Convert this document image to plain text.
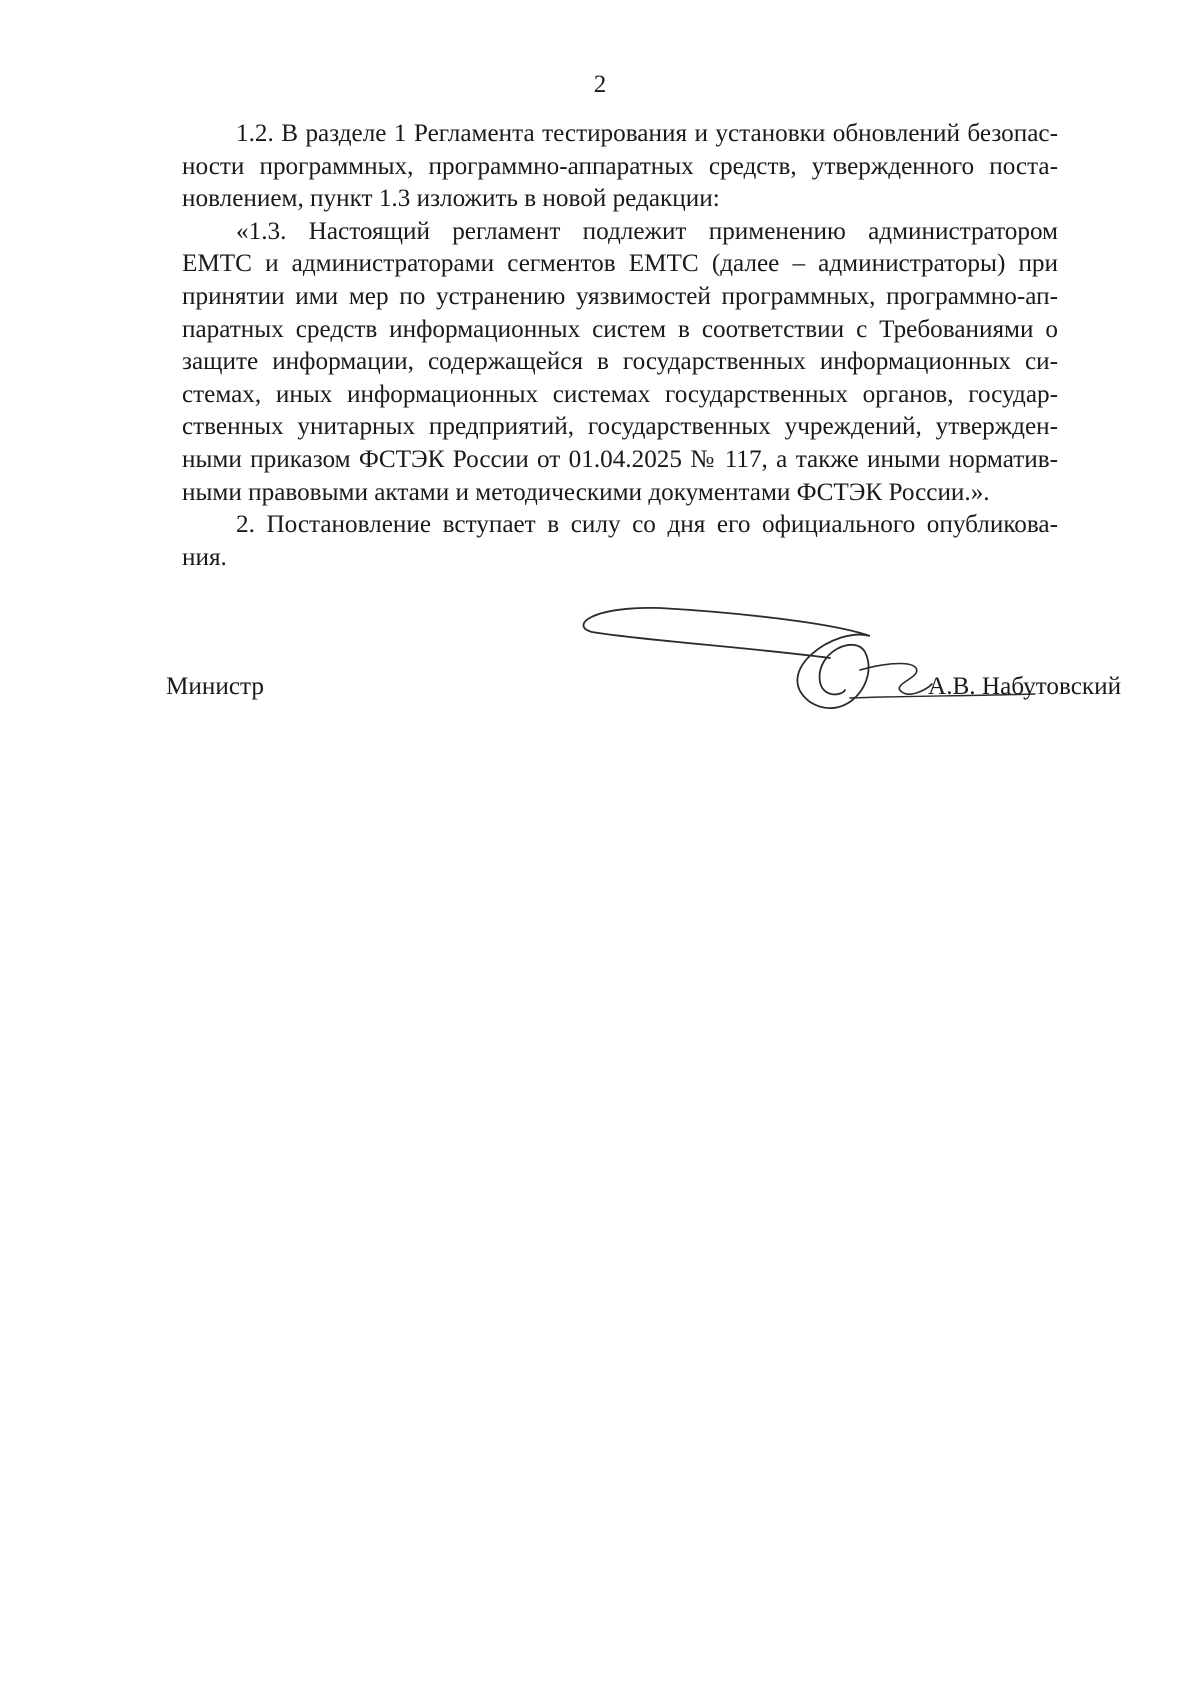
2
1.2. В разделе 1 Регламента тестирования и установки обновлений безопас-
ности программных, программно-аппаратных средств, утвержденного поста-
новлением, пункт 1.3 изложить в новой редакции:
«1.3. Настоящий регламент подлежит применению администратором
ЕМТС и администраторами сегментов ЕМТС (далее – администраторы) при
принятии ими мер по устранению уязвимостей программных, программно-ап-
паратных средств информационных систем в соответствии с Требованиями о
защите информации, содержащейся в государственных информационных си-
стемах, иных информационных системах государственных органов, государ-
ственных унитарных предприятий, государственных учреждений, утвержден-
ными приказом ФСТЭК России от 01.04.2025 № 117, а также иными норматив-
ными правовыми актами и методическими документами ФСТЭК России.».
2. Постановление вступает в силу со дня его официального опубликова-
ния.
Министр	А.В. Набутовский
